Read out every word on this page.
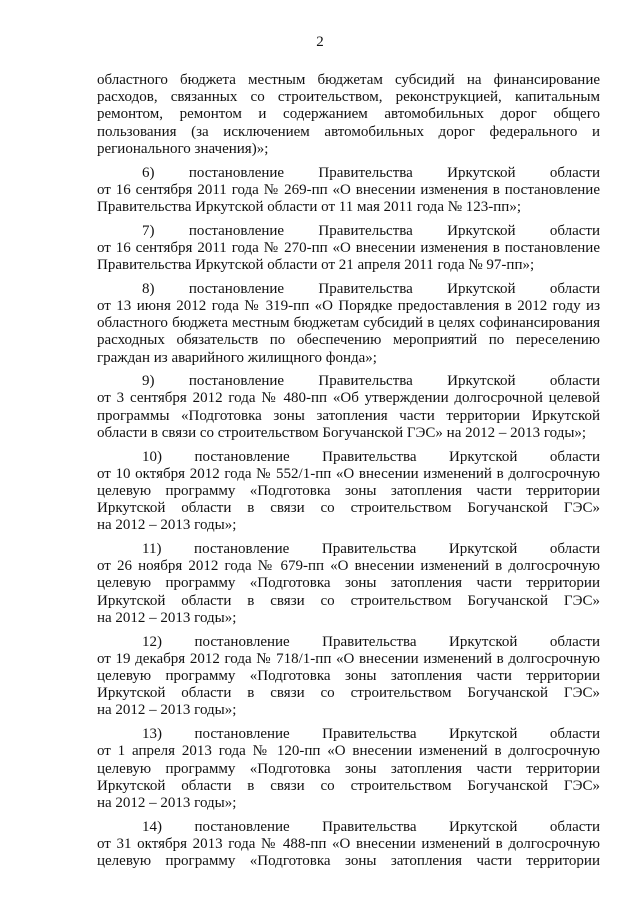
2
областного бюджета местным бюджетам субсидий на финансирование
расходов, связанных со строительством, реконструкцией, капитальным
ремонтом, ремонтом и содержанием автомобильных дорог общего
пользования (за исключением автомобильных дорог федерального и
регионального значения)»;
6) постановление Правительства Иркутской области
от 16 сентября 2011 года № 269-пп «О внесении изменения в постановление
Правительства Иркутской области от 11 мая 2011 года № 123-пп»;
7) постановление Правительства Иркутской области
от 16 сентября 2011 года № 270-пп «О внесении изменения в постановление
Правительства Иркутской области от 21 апреля 2011 года № 97-пп»;
8) постановление Правительства Иркутской области
от 13 июня 2012 года № 319-пп «О Порядке предоставления в 2012 году из
областного бюджета местным бюджетам субсидий в целях софинансирования
расходных обязательств по обеспечению мероприятий по переселению
граждан из аварийного жилищного фонда»;
9) постановление Правительства Иркутской области
от 3 сентября 2012 года № 480-пп «Об утверждении долгосрочной целевой
программы «Подготовка зоны затопления части территории Иркутской
области в связи со строительством Богучанской ГЭС» на 2012 – 2013 годы»;
10) постановление Правительства Иркутской области
от 10 октября 2012 года № 552/1-пп «О внесении изменений в долгосрочную
целевую программу «Подготовка зоны затопления части территории
Иркутской области в связи со строительством Богучанской ГЭС»
на 2012 – 2013 годы»;
11) постановление Правительства Иркутской области
от 26 ноября 2012 года № 679-пп «О внесении изменений в долгосрочную
целевую программу «Подготовка зоны затопления части территории
Иркутской области в связи со строительством Богучанской ГЭС»
на 2012 – 2013 годы»;
12) постановление Правительства Иркутской области
от 19 декабря 2012 года № 718/1-пп «О внесении изменений в долгосрочную
целевую программу «Подготовка зоны затопления части территории
Иркутской области в связи со строительством Богучанской ГЭС»
на 2012 – 2013 годы»;
13) постановление Правительства Иркутской области
от 1 апреля 2013 года № 120-пп «О внесении изменений в долгосрочную
целевую программу «Подготовка зоны затопления части территории
Иркутской области в связи со строительством Богучанской ГЭС»
на 2012 – 2013 годы»;
14) постановление Правительства Иркутской области
от 31 октября 2013 года № 488-пп «О внесении изменений в долгосрочную
целевую программу «Подготовка зоны затопления части территории
